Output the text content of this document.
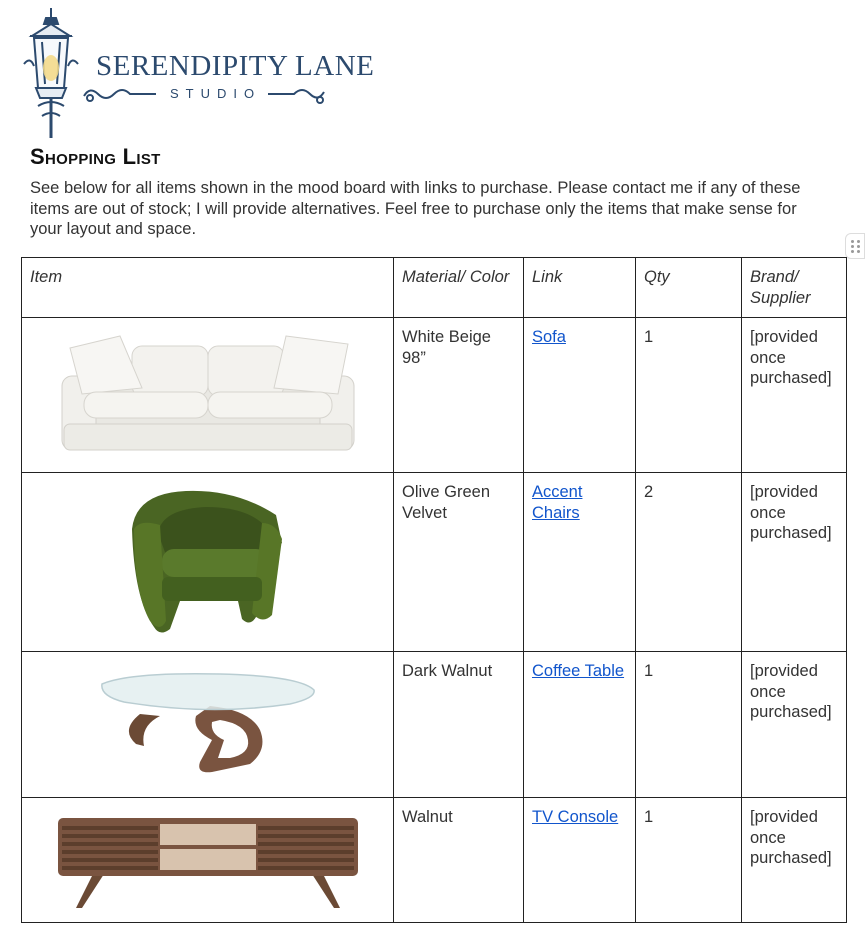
SERENDIPITY LANE
STUDIO
Shopping List
See below for all items shown in the mood board with links to purchase. Please contact me if any of these items are out of stock; I will provide alternatives. Feel free to purchase only the items that make sense for your layout and space.
Item	Material/ Color	Link	Qty	Brand/ Supplier

	White Beige 98”	Sofa	1	[provided once purchased]

	Olive Green Velvet	Accent Chairs	2	[provided once purchased]

	Dark Walnut	Coffee Table	1	[provided once purchased]

	Walnut	TV Console	1	[provided once purchased]
